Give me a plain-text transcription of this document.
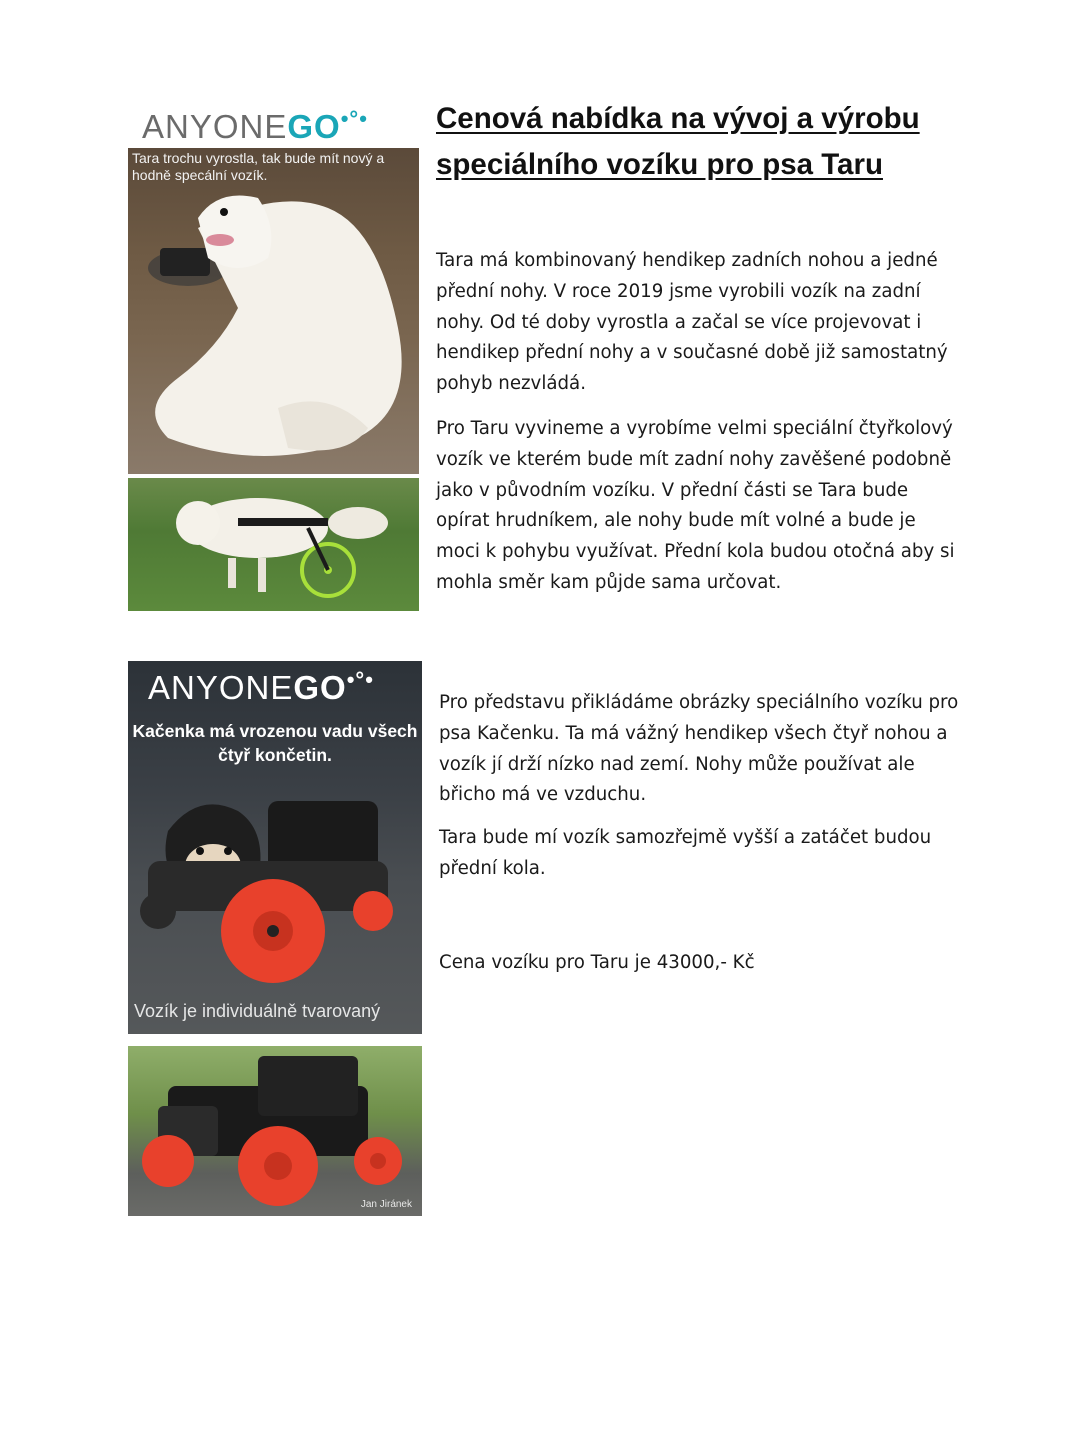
Cenová nabídka na vývoj a výrobu speciálního vozíku pro psa Taru

Tara má kombinovaný hendikep zadních nohou a jedné přední nohy. V roce 2019 jsme vyrobili vozík na zadní nohy. Od té doby vyrostla a začal se více projevovat i hendikep přední nohy a v současné době již samostatný pohyb nezvládá.

Pro Taru vyvineme a vyrobíme velmi speciální čtyřkolový vozík ve kterém bude mít zadní nohy zavěšené podobně jako v původním vozíku. V přední části se Tara bude opírat hrudníkem, ale nohy bude mít volné a bude je moci k pohybu využívat. Přední kola budou otočná aby si mohla směr kam půjde sama určovat.

Pro představu přikládáme obrázky speciálního vozíku pro psa Kačenku. Ta má vážný hendikep všech čtyř nohou a vozík jí drží nízko nad zemí. Nohy může používat ale břicho má ve vzduchu.

Tara bude mí vozík samozřejmě vyšší a zatáčet budou přední kola.

Cena vozíku pro Taru je 43000,- Kč

ANYONEGO•°•
Tara trochu vyrostla, tak bude mít nový a hodně specální vozík.
ANYONEGO•°•
Kačenka má vrozenou vadu všech čtyř končetin.
Vozík je individuálně tvarovaný
Jan Jiránek
